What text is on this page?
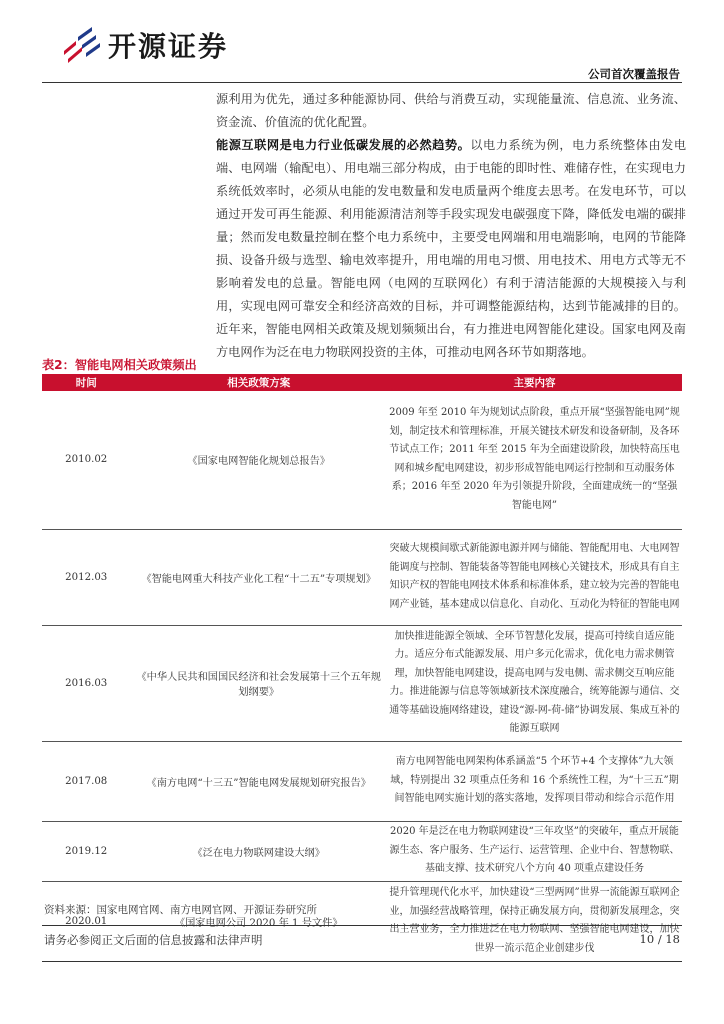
开源证券
公司首次覆盖报告

源利用为优先，通过多种能源协同、供给与消费互动，实现能量流、信息流、业务流、资金流、价值流的优化配置。

能源互联网是电力行业低碳发展的必然趋势。以电力系统为例，电力系统整体由发电端、电网端（输配电）、用电端三部分构成，由于电能的即时性、难储存性，在实现电力系统低效率时，必须从电能的发电数量和发电质量两个维度去思考。在发电环节，可以通过开发可再生能源、利用能源清洁剂等手段实现发电碳强度下降，降低发电端的碳排量；然而发电数量控制在整个电力系统中，主要受电网端和用电端影响，电网的节能降损、设备升级与选型、输电效率提升，用电端的用电习惯、用电技术、用电方式等无不影响着发电的总量。智能电网（电网的互联网化）有利于清洁能源的大规模接入与利用，实现电网可靠安全和经济高效的目标，并可调整能源结构，达到节能减排的目的。近年来，智能电网相关政策及规划频频出台，有力推进电网智能化建设。国家电网及南方电网作为泛在电力物联网投资的主体，可推动电网各环节如期落地。

表2：智能电网相关政策频出
时间	相关政策方案	主要内容
2010.02	《国家电网智能化规划总报告》	2009 年至 2010 年为规划试点阶段，重点开展“坚强智能电网”规划，制定技术和管理标准，开展关键技术研发和设备研制，及各环节试点工作；2011 年至 2015 年为全面建设阶段，加快特高压电网和城乡配电网建设，初步形成智能电网运行控制和互动服务体系；2016 年至 2020 年为引领提升阶段，全面建成统一的“坚强智能电网”
2012.03	《智能电网重大科技产业化工程“十二五”专项规划》	突破大规模间歇式新能源电源并网与储能、智能配用电、大电网智能调度与控制、智能装备等智能电网核心关键技术，形成具有自主知识产权的智能电网技术体系和标准体系，建立较为完善的智能电网产业链，基本建成以信息化、自动化、互动化为特征的智能电网
2016.03	《中华人民共和国国民经济和社会发展第十三个五年规划纲要》	加快推进能源全领域、全环节智慧化发展，提高可持续自适应能力。适应分布式能源发展、用户多元化需求，优化电力需求侧管理，加快智能电网建设，提高电网与发电侧、需求侧交互响应能力。推进能源与信息等领域新技术深度融合，统筹能源与通信、交通等基础设施网络建设，建设“源-网-荷-储”协调发展、集成互补的能源互联网
2017.08	《南方电网“十三五”智能电网发展规划研究报告》	南方电网智能电网架构体系涵盖“5 个环节+4 个支撑体”九大领域，特别提出 32 项重点任务和 16 个系统性工程，为“十三五”期间智能电网实施计划的落实落地，发挥项目带动和综合示范作用
2019.12	《泛在电力物联网建设大纲》	2020 年是泛在电力物联网建设“三年攻坚”的突破年，重点开展能源生态、客户服务、生产运行、运营管理、企业中台、智慧物联、基础支撑、技术研究八个方向 40 项重点建设任务
2020.01	《国家电网公司 2020 年 1 号文件》	提升管理现代化水平，加快建设“三型两网”世界一流能源互联网企业，加强经营战略管理，保持正确发展方向，贯彻新发展理念，突出主营业务，全力推进泛在电力物联网、坚强智能电网建设，加快世界一流示范企业创建步伐
资料来源：国家电网官网、南方电网官网、开源证券研究所
请务必参阅正文后面的信息披露和法律声明	10 / 18
